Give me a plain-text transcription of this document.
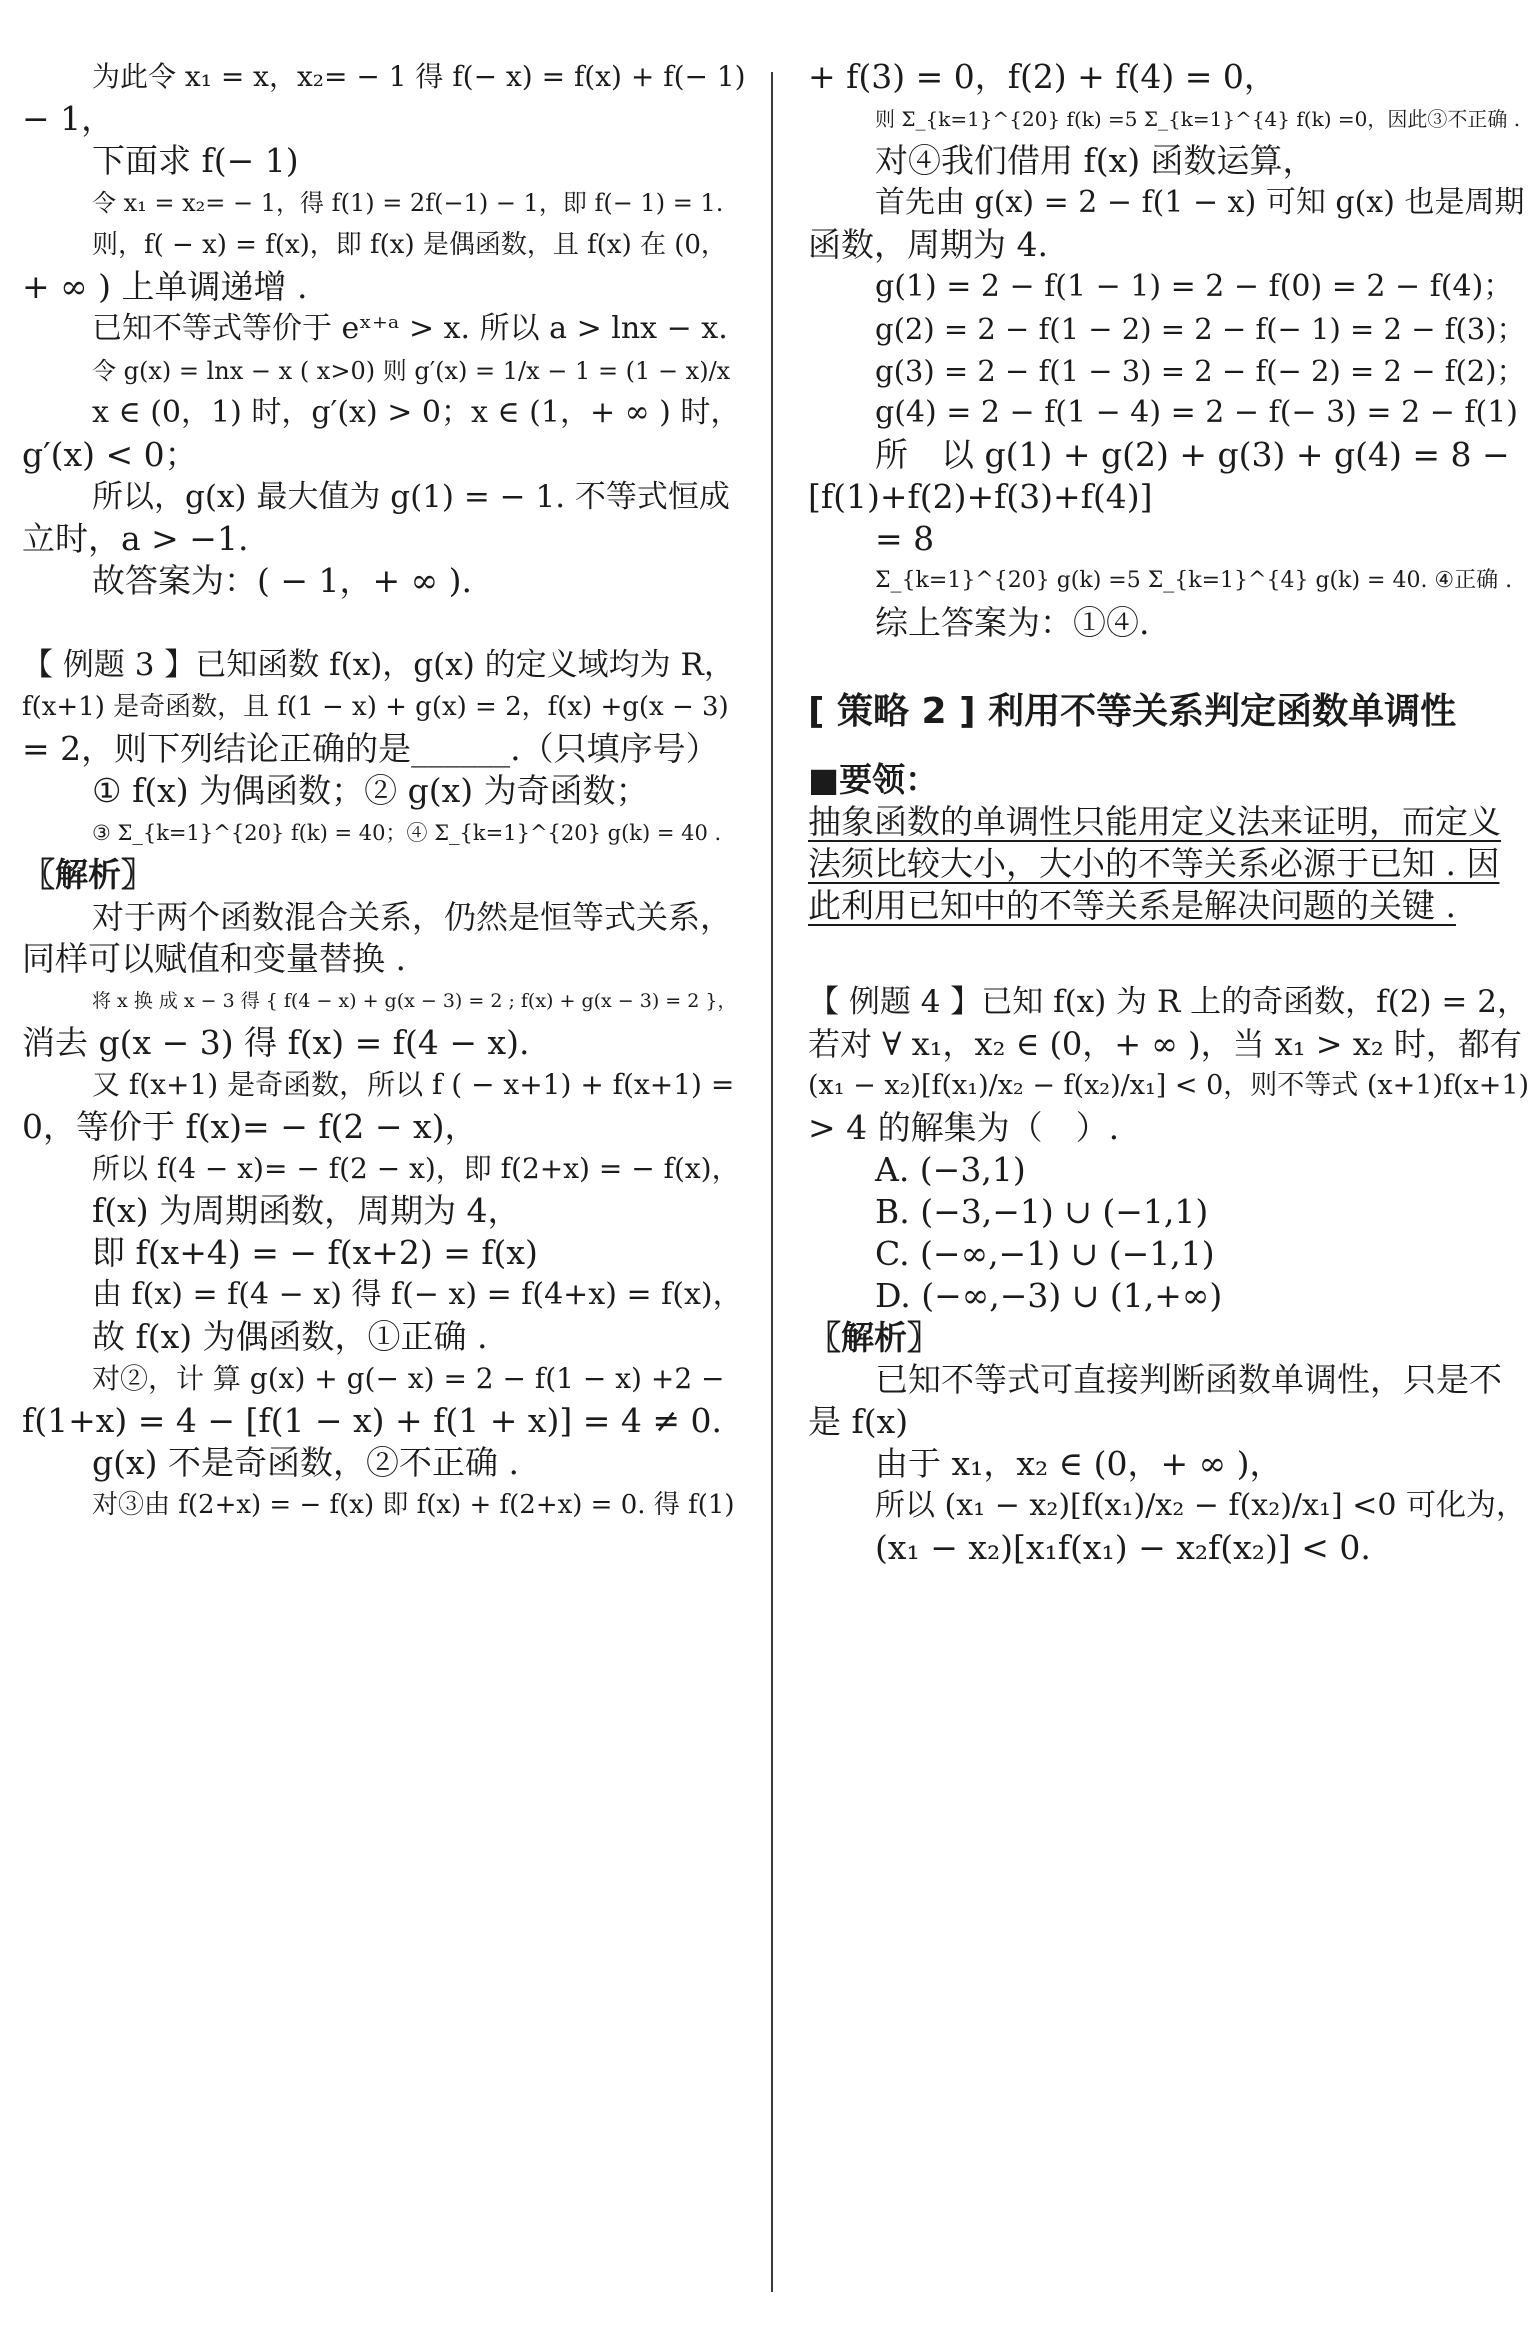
为此令 x₁ = x，x₂= − 1 得 f(− x) = f(x) + f(− 1)
− 1，
下面求 f(− 1)
令 x₁ = x₂= − 1，得 f(1) = 2f(−1) − 1，即 f(− 1) = 1.
则，f( − x) = f(x)，即 f(x) 是偶函数，且 f(x) 在 (0，
+ ∞ ) 上单调递增 .
已知不等式等价于 eˣ⁺ᵃ > x. 所以 a > lnx − x.
令 g(x) = lnx − x ( x>0) 则 g′(x) = 1/x − 1 = (1 − x)/x
x ∈ (0，1) 时，g′(x) > 0；x ∈ (1，+ ∞ ) 时，
g′(x) < 0；
所以，g(x) 最大值为 g(1) = − 1. 不等式恒成
立时，a > −1.
故答案为：( − 1，+ ∞ ).
【 例题 3 】已知函数 f(x)，g(x) 的定义域均为 R，
f(x+1) 是奇函数，且 f(1 − x) + g(x) = 2，f(x) +g(x − 3)
= 2，则下列结论正确的是______.（只填序号）
① f(x) 为偶函数；② g(x) 为奇函数；
③ Σ_{k=1}^{20} f(k) = 40；④ Σ_{k=1}^{20} g(k) = 40 .
〖解析〗
对于两个函数混合关系，仍然是恒等式关系，
同样可以赋值和变量替换 .
将 x 换 成 x − 3 得 { f(4 − x) + g(x − 3) = 2 ; f(x) + g(x − 3) = 2 }，
消去 g(x − 3) 得 f(x) = f(4 − x).
又 f(x+1) 是奇函数，所以 f ( − x+1) + f(x+1) =
0，等价于 f(x)= − f(2 − x)，
所以 f(4 − x)= − f(2 − x)，即 f(2+x) = − f(x)，
f(x) 为周期函数，周期为 4，
即 f(x+4) = − f(x+2) = f(x)
由 f(x) = f(4 − x) 得 f(− x) = f(4+x) = f(x)，
故 f(x) 为偶函数，①正确 .
对②，计 算 g(x) + g(− x) = 2 − f(1 − x) +2 −
f(1+x) = 4 − [f(1 − x) + f(1 + x)] = 4 ≠ 0.
g(x) 不是奇函数，②不正确 .
对③由 f(2+x) = − f(x) 即 f(x) + f(2+x) = 0. 得 f(1)
+ f(3) = 0，f(2) + f(4) = 0，
则 Σ_{k=1}^{20} f(k) =5 Σ_{k=1}^{4} f(k) =0，因此③不正确 .
对④我们借用 f(x) 函数运算，
首先由 g(x) = 2 − f(1 − x) 可知 g(x) 也是周期
函数，周期为 4.
g(1) = 2 − f(1 − 1) = 2 − f(0) = 2 − f(4)；
g(2) = 2 − f(1 − 2) = 2 − f(− 1) = 2 − f(3)；
g(3) = 2 − f(1 − 3) = 2 − f(− 2) = 2 − f(2)；
g(4) = 2 − f(1 − 4) = 2 − f(− 3) = 2 − f(1)
所　以 g(1) + g(2) + g(3) + g(4) = 8 −
[f(1)+f(2)+f(3)+f(4)]
= 8
Σ_{k=1}^{20} g(k) =5 Σ_{k=1}^{4} g(k) = 40. ④正确 .
综上答案为：①④.
[ 策略 2 ] 利用不等关系判定函数单调性
■要领：
抽象函数的单调性只能用定义法来证明，而定义
法须比较大小，大小的不等关系必源于已知 . 因
此利用已知中的不等关系是解决问题的关键 .
【 例题 4 】已知 f(x) 为 R 上的奇函数，f(2) = 2，
若对 ∀ x₁，x₂ ∈ (0，+ ∞ )，当 x₁ > x₂ 时，都有
(x₁ − x₂)[f(x₁)/x₂ − f(x₂)/x₁] < 0，则不等式 (x+1)f(x+1)
> 4 的解集为（　）.
A. (−3,1)
B. (−3,−1) ∪ (−1,1)
C. (−∞,−1) ∪ (−1,1)
D. (−∞,−3) ∪ (1,+∞)
〖解析〗
已知不等式可直接判断函数单调性，只是不
是 f(x)
由于 x₁，x₂ ∈ (0，+ ∞ )，
所以 (x₁ − x₂)[f(x₁)/x₂ − f(x₂)/x₁] <0 可化为，
(x₁ − x₂)[x₁f(x₁) − x₂f(x₂)] < 0.
